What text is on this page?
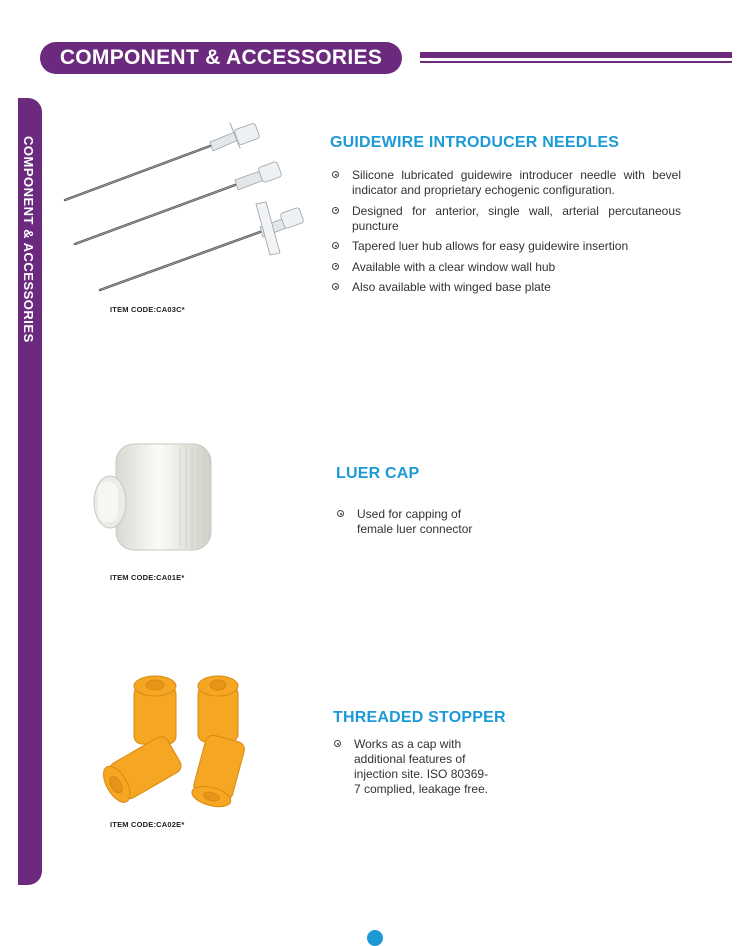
COMPONENT & ACCESSORIES
COMPONENT & ACCESSORIES	ITEM CODE:CA03C*
GUIDEWIRE INTRODUCER NEEDLES
Silicone lubricated guidewire introducer needle with bevel indicator and proprietary echogenic configuration.
Designed for anterior, single wall, arterial percutaneous puncture
Tapered luer hub allows for easy guidewire insertion
Available with a clear window wall hub
Also available with winged base plate
ITEM CODE:CA01E*
LUER CAP
Used for capping of female luer connector
ITEM CODE:CA02E*
THREADED STOPPER
Works as a cap with additional features of injection site. ISO 80369-7 complied, leakage free.
